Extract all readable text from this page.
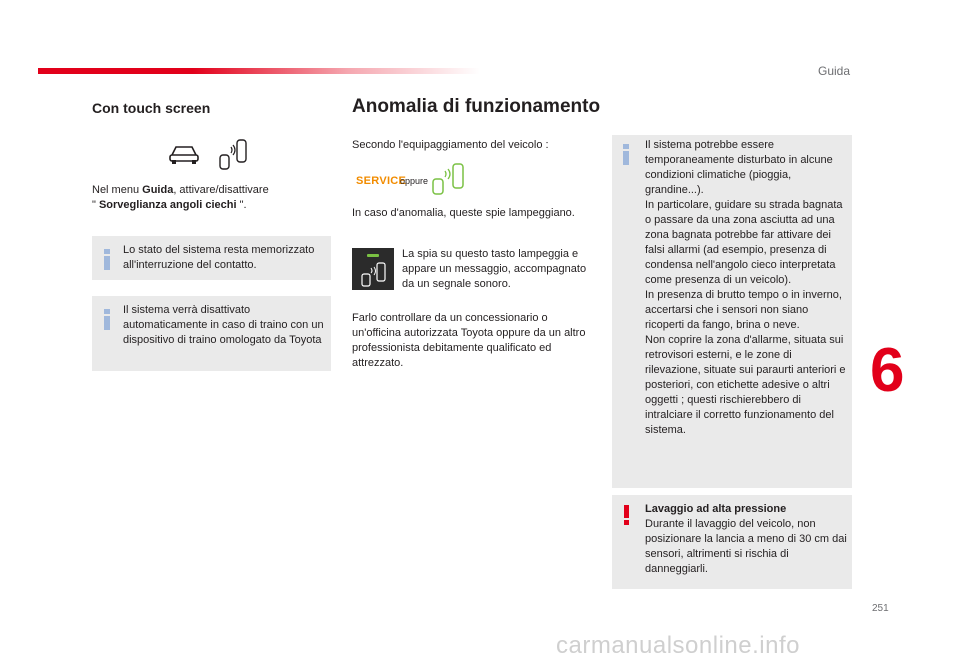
Guida
6
251
Con touch screen
Nel menu Guida, attivare/disattivare
" Sorveglianza angoli ciechi ".
Lo stato del sistema resta memorizzato all'interruzione del contatto.
Il sistema verrà disattivato automaticamente in caso di traino con un dispositivo di traino omologato da Toyota
Anomalia di funzionamento
Secondo l'equipaggiamento del veicolo :
SERVICE
oppure
In caso d'anomalia, queste spie lampeggiano.
La spia su questo tasto lampeggia e appare un messaggio, accompagnato da un segnale sonoro.
Farlo controllare da un concessionario o un'officina autorizzata Toyota oppure da un altro professionista debitamente qualificato ed attrezzato.
Il sistema potrebbe essere temporaneamente disturbato in alcune condizioni climatiche (pioggia, grandine...).
In particolare, guidare su strada bagnata o passare da una zona asciutta ad una zona bagnata potrebbe far attivare dei falsi allarmi (ad esempio, presenza di condensa nell'angolo cieco interpretata come presenza di un veicolo).
In presenza di brutto tempo o in inverno, accertarsi che i sensori non siano ricoperti da fango, brina o neve.
Non coprire la zona d'allarme, situata sui retrovisori esterni, e le zone di rilevazione, situate sui paraurti anteriori e posteriori, con etichette adesive o altri oggetti ; questi rischierebbero di intralciare il corretto funzionamento del sistema.
Lavaggio ad alta pressione
Durante il lavaggio del veicolo, non posizionare la lancia a meno di 30 cm dai sensori, altrimenti si rischia di danneggiarli.
carmanualsonline.info
